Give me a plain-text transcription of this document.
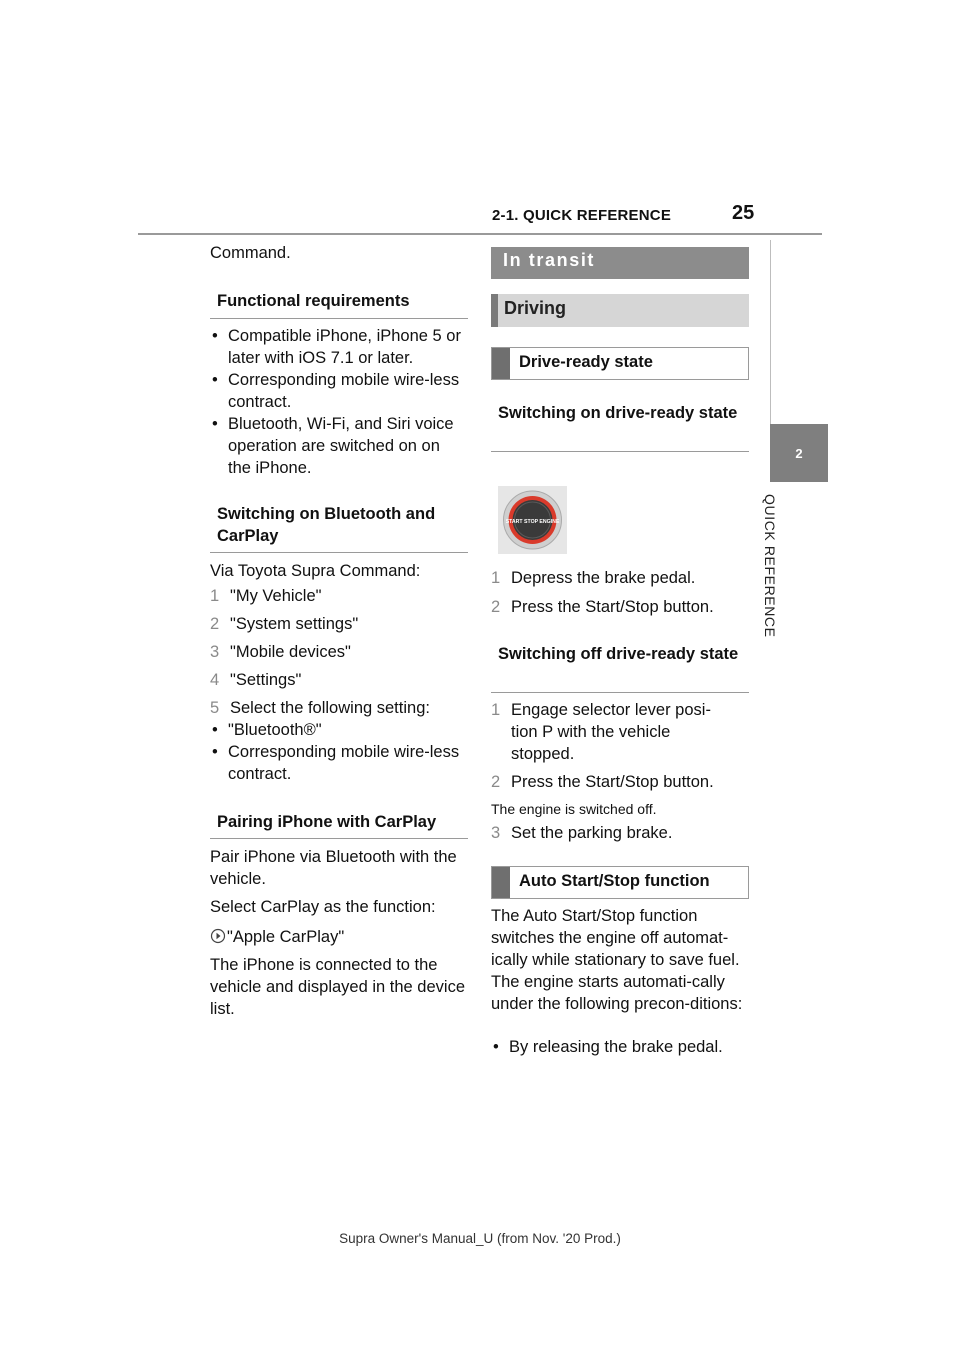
2-1. QUICK REFERENCE	25
2
QUICK REFERENCE
Command.
Functional requirements
• Compatible iPhone, iPhone 5 or later with iOS 7.1 or later.
• Corresponding mobile wire-less contract.
• Bluetooth, Wi-Fi, and Siri voice operation are switched on on the iPhone.
Switching on Bluetooth and CarPlay
Via Toyota Supra Command:
1 "My Vehicle"
2 "System settings"
3 "Mobile devices"
4 "Settings"
5 Select the following setting:
• "Bluetooth®"
• Corresponding mobile wire-less contract.
Pairing iPhone with CarPlay
Pair iPhone via Bluetooth with the vehicle.
Select CarPlay as the function:
"Apple CarPlay"
The iPhone is connected to the vehicle and displayed in the device list.
In transit
Driving
Drive-ready state
Switching on drive-ready state
START STOP ENGINE
1 Depress the brake pedal.
2 Press the Start/Stop button.
Switching off drive-ready state
1 Engage selector lever posi-tion P with the vehicle stopped.
2 Press the Start/Stop button.
The engine is switched off.
3 Set the parking brake.
Auto Start/Stop function
The Auto Start/Stop function switches the engine off automat-ically while stationary to save fuel. The engine starts automati-cally under the following precon-ditions:
• By releasing the brake pedal.
Supra Owner's Manual_U (from Nov. '20 Prod.)
